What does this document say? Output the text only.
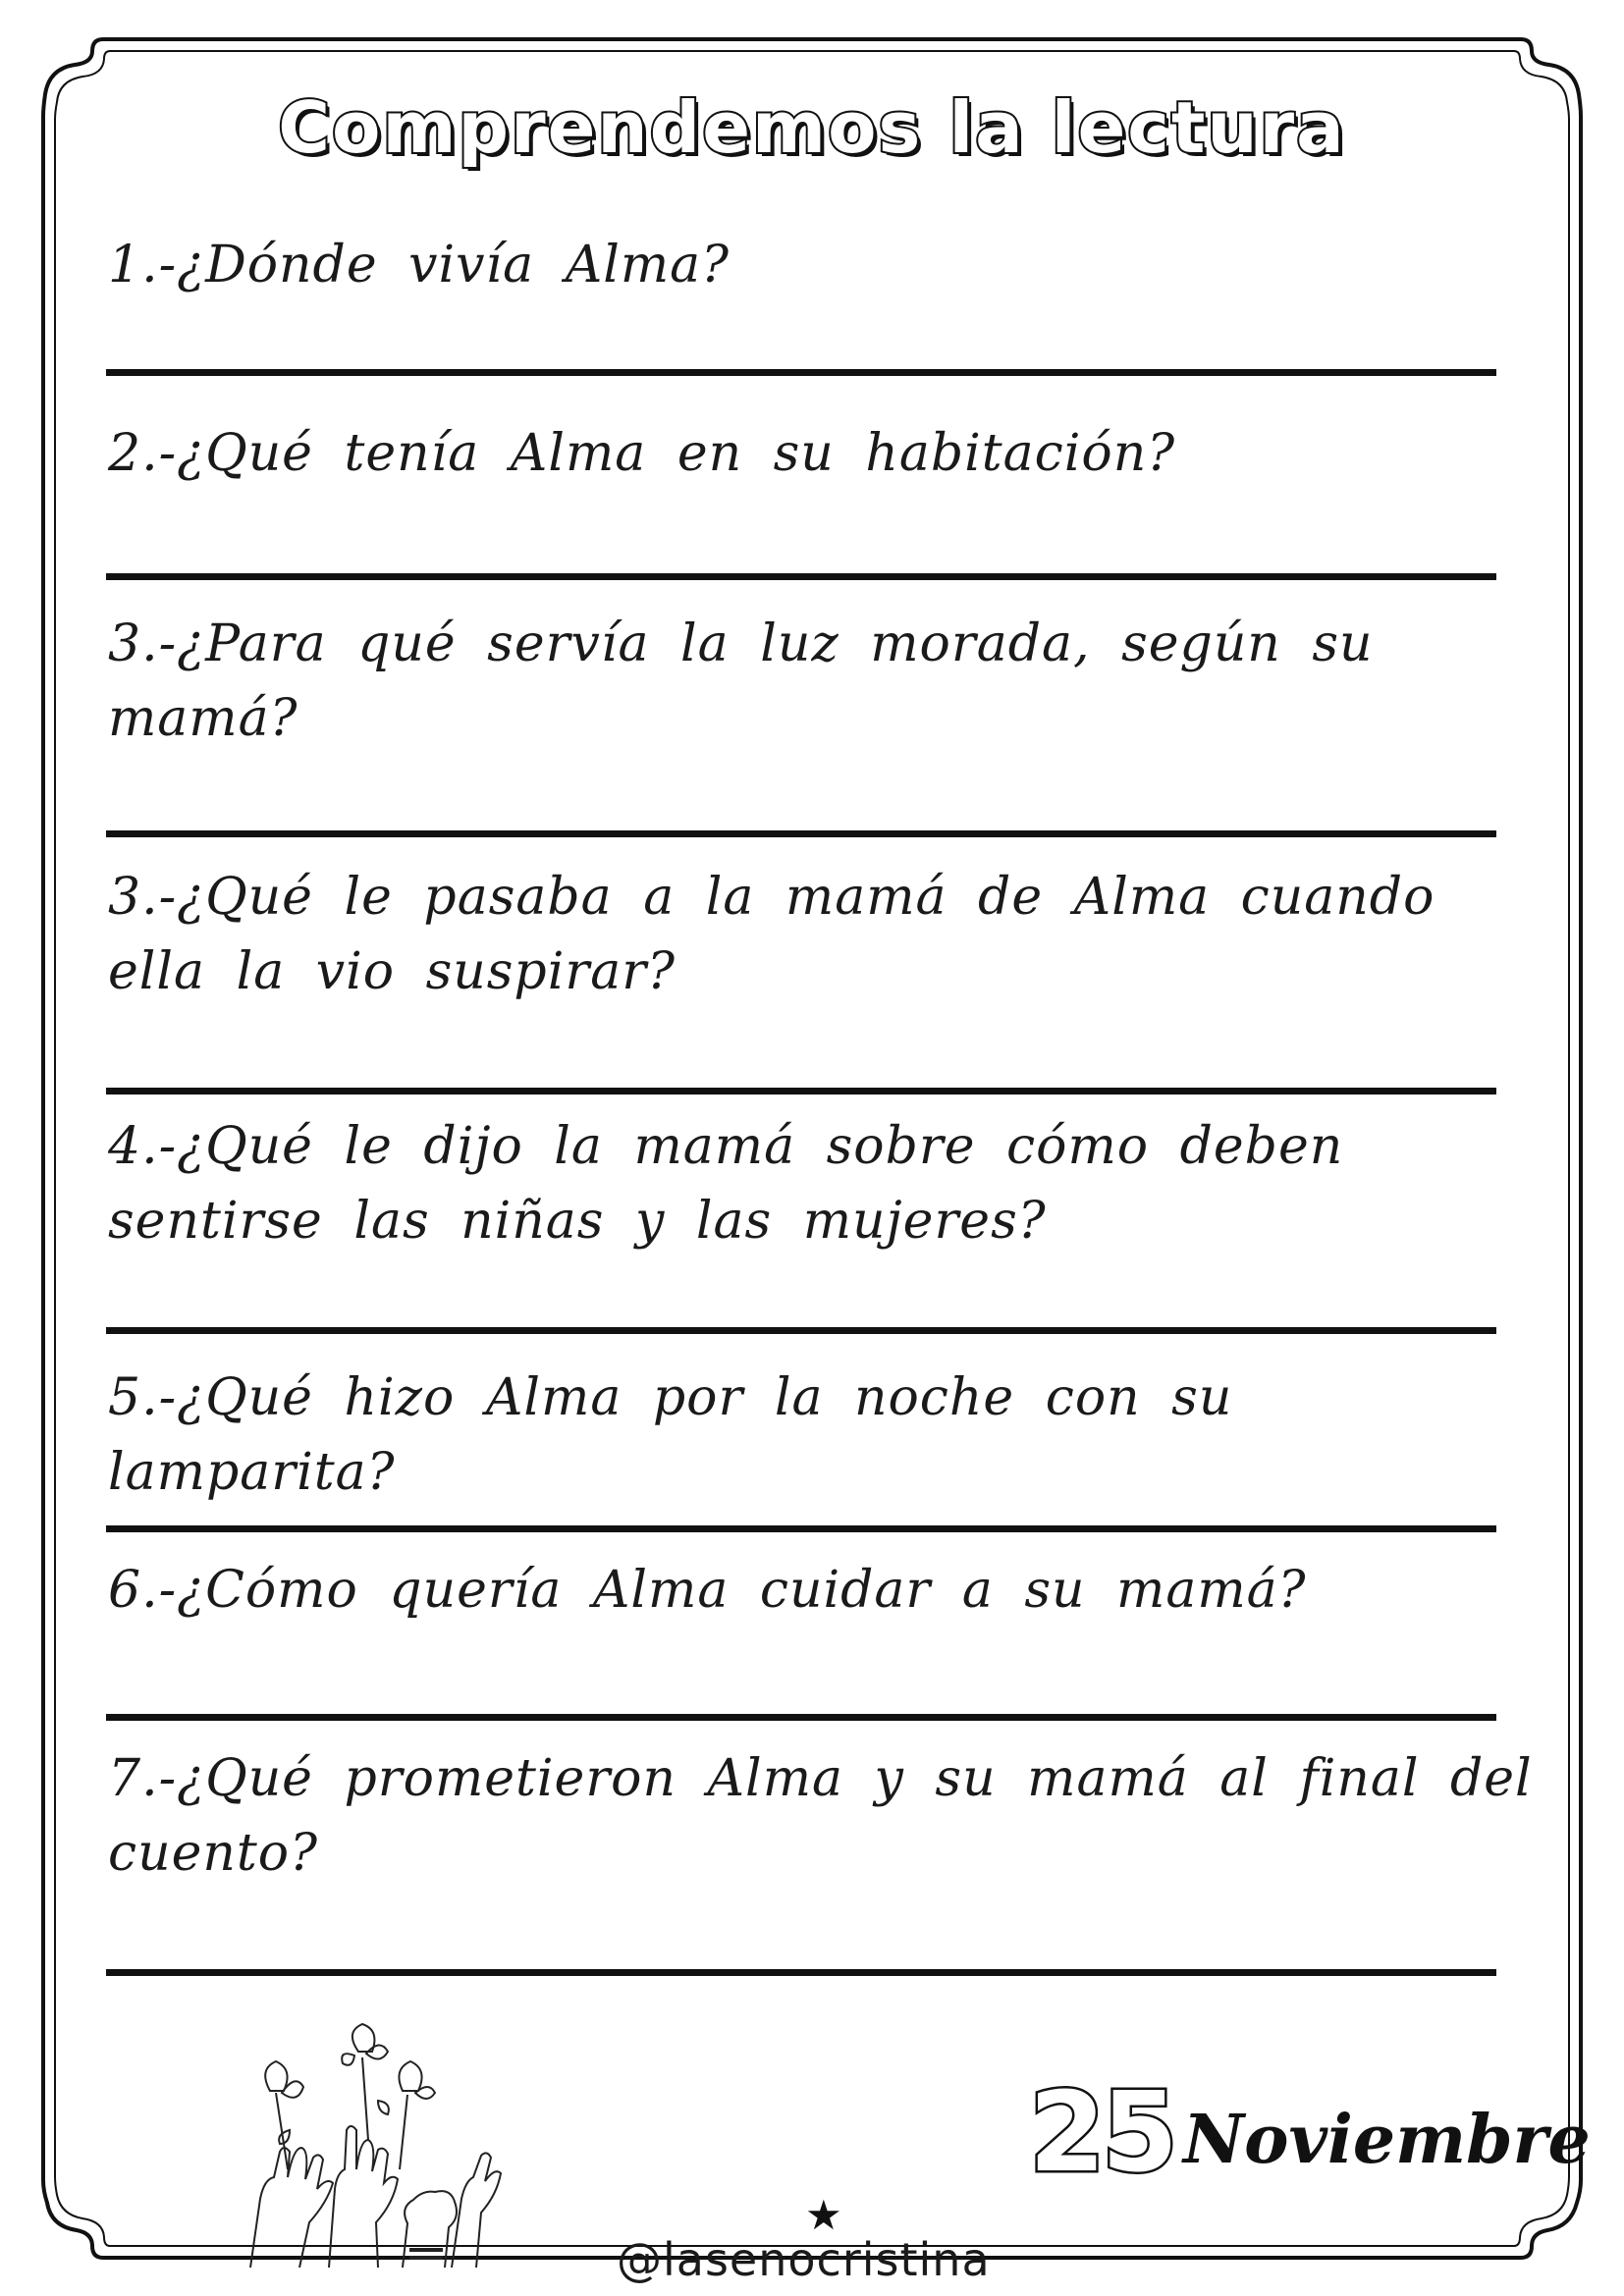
Comprendemos la lectura
1.-¿Dónde vivía Alma?
2.-¿Qué tenía Alma en su habitación?
3.-¿Para qué servía la luz morada, según su mamá?
3.-¿Qué le pasaba a la mamá de Alma cuando ella la vio suspirar?
4.-¿Qué le dijo la mamá sobre cómo deben sentirse las niñas y las mujeres?
5.-¿Qué hizo Alma por la noche con su lamparita?
6.-¿Cómo quería Alma cuidar a su mamá?
7.-¿Qué prometieron Alma y su mamá al final del cuento?
★
@lasenocristina
25 Noviembre
